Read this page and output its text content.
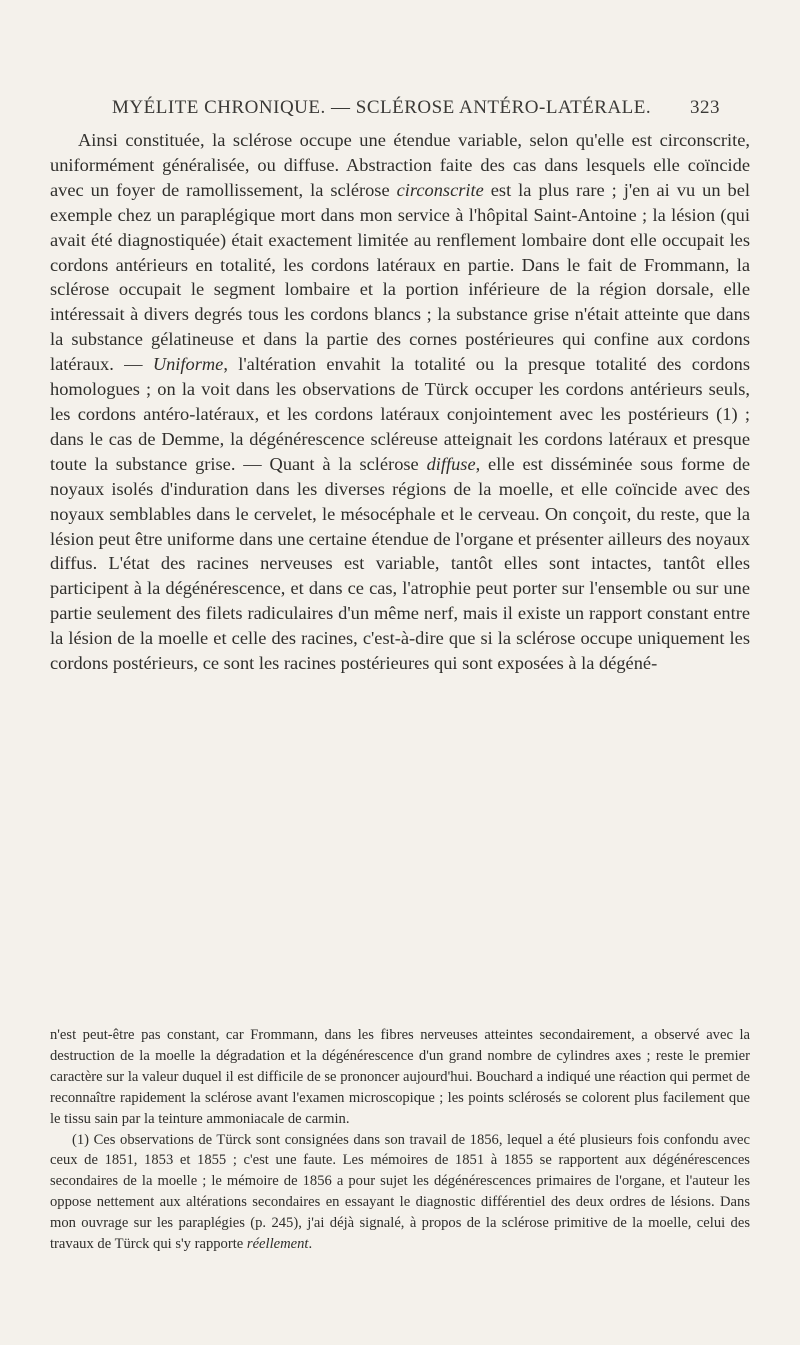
MYÉLITE CHRONIQUE. — SCLÉROSE ANTÉRO-LATÉRALE. 323

Ainsi constituée, la sclérose occupe une étendue variable, selon qu'elle est circonscrite, uniformément généralisée, ou diffuse. Abstraction faite des cas dans lesquels elle coïncide avec un foyer de ramollissement, la sclérose circonscrite est la plus rare ; j'en ai vu un bel exemple chez un paraplégique mort dans mon service à l'hôpital Saint-Antoine ; la lésion (qui avait été diagnostiquée) était exactement limitée au renflement lombaire dont elle occupait les cordons antérieurs en totalité, les cordons latéraux en partie. Dans le fait de Frommann, la sclérose occupait le segment lombaire et la portion inférieure de la région dorsale, elle intéressait à divers degrés tous les cordons blancs ; la substance grise n'était atteinte que dans la substance gélatineuse et dans la partie des cornes postérieures qui confine aux cordons latéraux. — Uniforme, l'altération envahit la totalité ou la presque totalité des cordons homologues ; on la voit dans les observations de Türck occuper les cordons antérieurs seuls, les cordons antéro-latéraux, et les cordons latéraux conjointement avec les postérieurs (1) ; dans le cas de Demme, la dégénérescence scléreuse atteignait les cordons latéraux et presque toute la substance grise. — Quant à la sclérose diffuse, elle est disséminée sous forme de noyaux isolés d'induration dans les diverses régions de la moelle, et elle coïncide avec des noyaux semblables dans le cervelet, le mésocéphale et le cerveau. On conçoit, du reste, que la lésion peut être uniforme dans une certaine étendue de l'organe et présenter ailleurs des noyaux diffus. L'état des racines nerveuses est variable, tantôt elles sont intactes, tantôt elles participent à la dégénérescence, et dans ce cas, l'atrophie peut porter sur l'ensemble ou sur une partie seulement des filets radiculaires d'un même nerf, mais il existe un rapport constant entre la lésion de la moelle et celle des racines, c'est-à-dire que si la sclérose occupe uniquement les cordons postérieurs, ce sont les racines postérieures qui sont exposées à la dégéné-

n'est peut-être pas constant, car Frommann, dans les fibres nerveuses atteintes secondairement, a observé avec la destruction de la moelle la dégradation et la dégénérescence d'un grand nombre de cylindres axes ; reste le premier caractère sur la valeur duquel il est difficile de se prononcer aujourd'hui. Bouchard a indiqué une réaction qui permet de reconnaître rapidement la sclérose avant l'examen microscopique ; les points sclérosés se colorent plus facilement que le tissu sain par la teinture ammoniacale de carmin.

(1) Ces observations de Türck sont consignées dans son travail de 1856, lequel a été plusieurs fois confondu avec ceux de 1851, 1853 et 1855 ; c'est une faute. Les mémoires de 1851 à 1855 se rapportent aux dégénérescences secondaires de la moelle ; le mémoire de 1856 a pour sujet les dégénérescences primaires de l'organe, et l'auteur les oppose nettement aux altérations secondaires en essayant le diagnostic différentiel des deux ordres de lésions. Dans mon ouvrage sur les paraplégies (p. 245), j'ai déjà signalé, à propos de la sclérose primitive de la moelle, celui des travaux de Türck qui s'y rapporte réellement.
